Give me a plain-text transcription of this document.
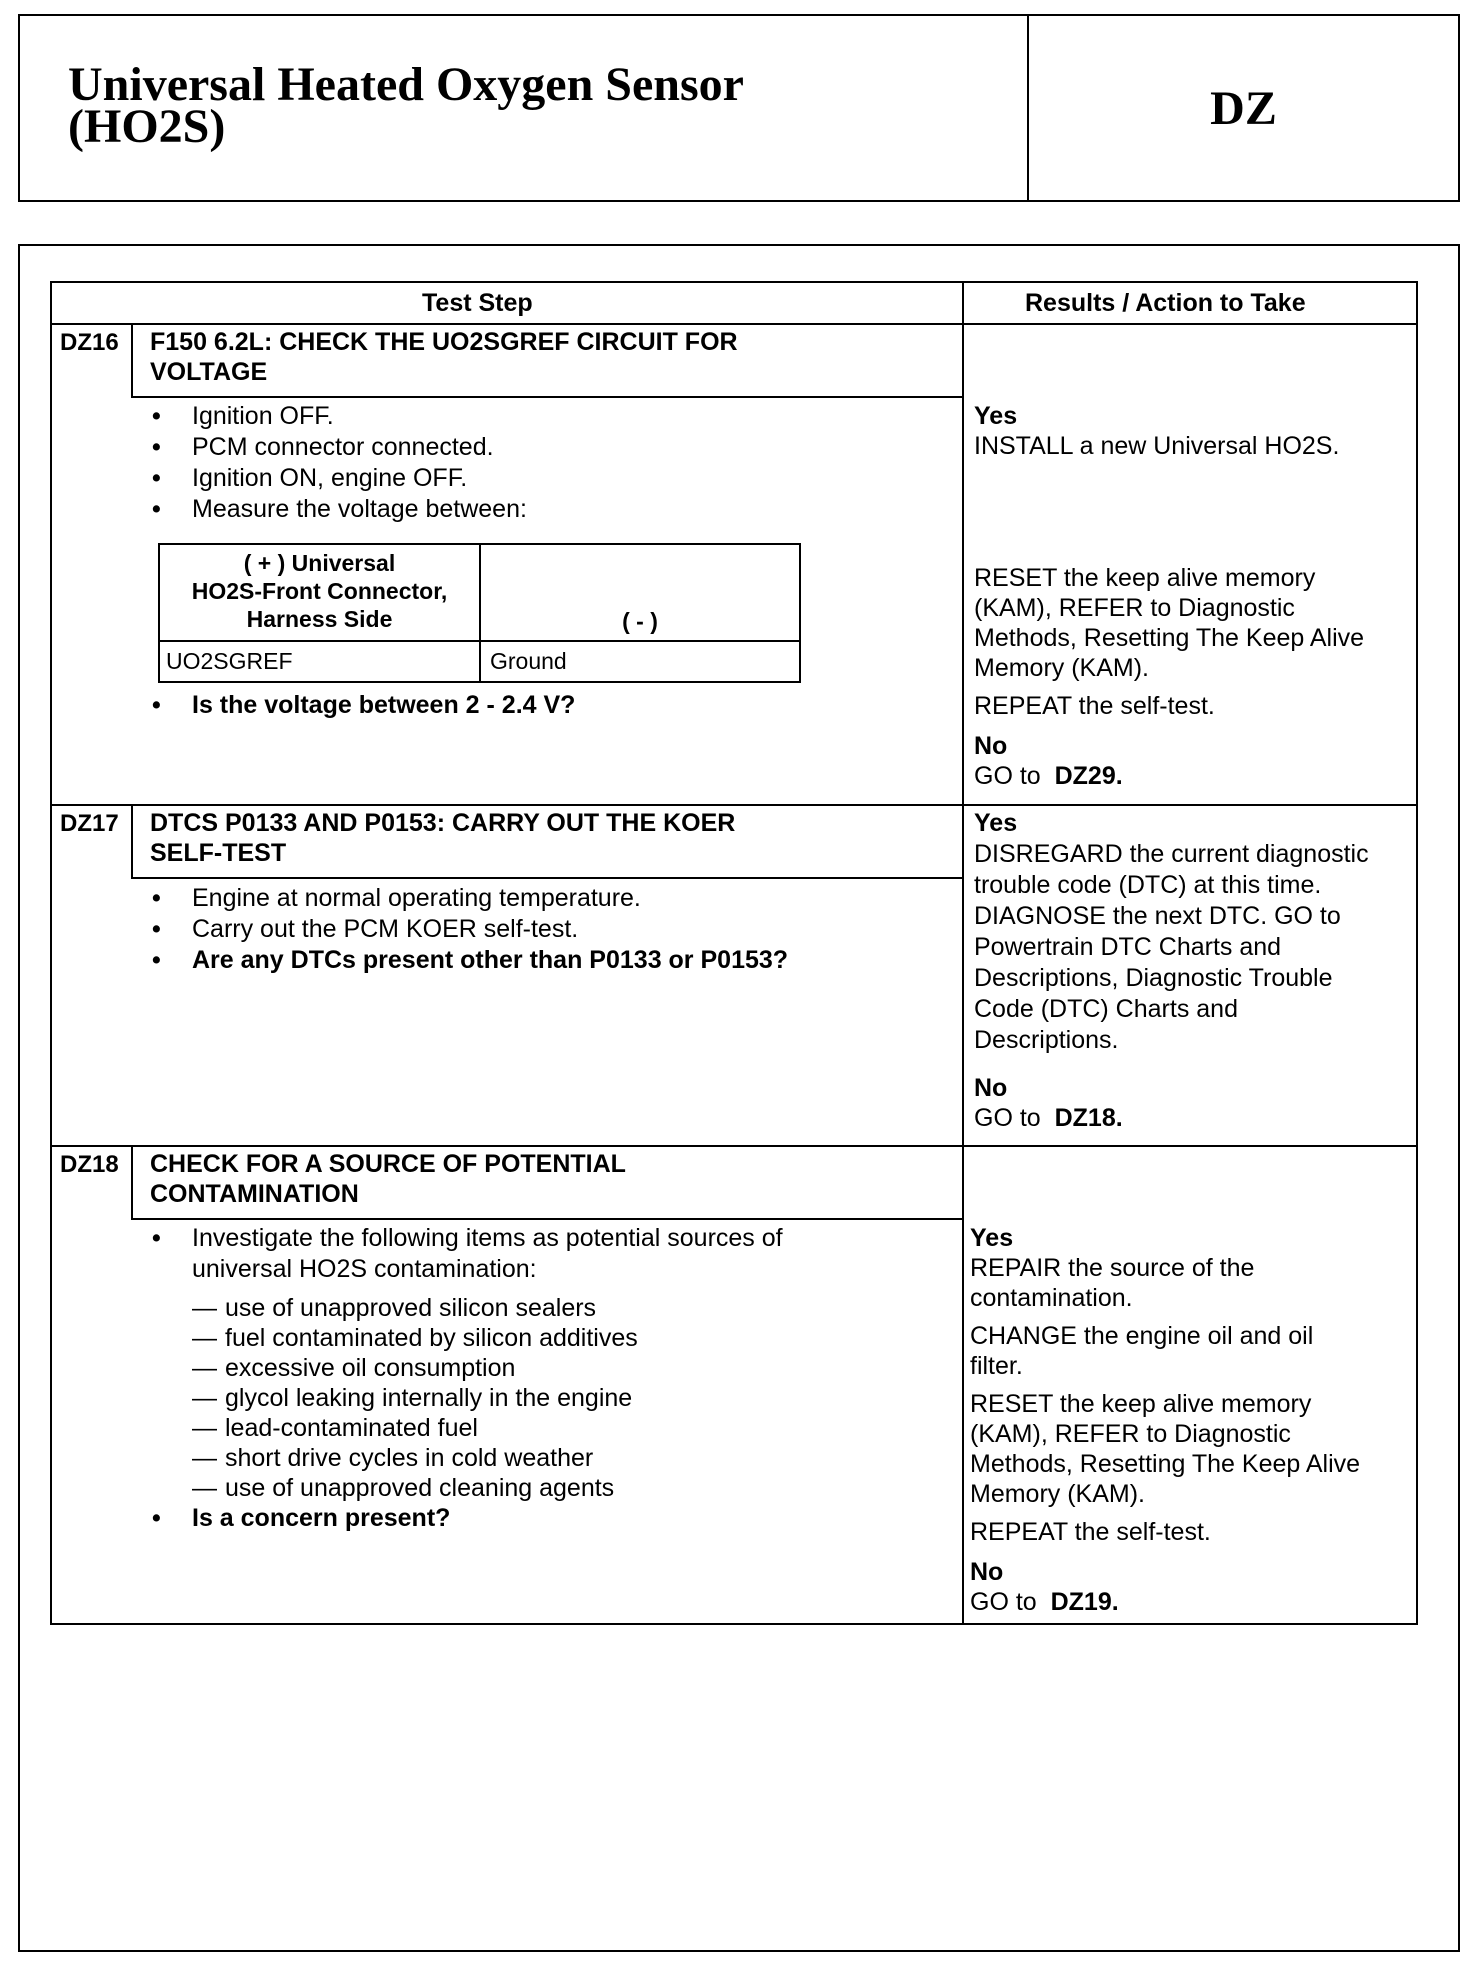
Universal Heated Oxygen Sensor
(HO2S)	DZ
Test Step	Results / Action to Take
DZ16 F150 6.2L: CHECK THE UO2SGREF CIRCUIT FOR
VOLTAGE
• Ignition OFF.
• PCM connector connected.
• Ignition ON, engine OFF.
• Measure the voltage between:
( + ) Universal
HO2S-Front Connector,
Harness Side	( - )
UO2SGREF	Ground
• Is the voltage between 2 - 2.4 V?
Yes
INSTALL a new Universal HO2S.
RESET the keep alive memory
(KAM), REFER to Diagnostic
Methods, Resetting The Keep Alive
Memory (KAM).
REPEAT the self-test.
No
GO to DZ29.
DZ17 DTCS P0133 AND P0153: CARRY OUT THE KOER
SELF-TEST
• Engine at normal operating temperature.
• Carry out the PCM KOER self-test.
• Are any DTCs present other than P0133 or P0153?
Yes
DISREGARD the current diagnostic
trouble code (DTC) at this time.
DIAGNOSE the next DTC. GO to
Powertrain DTC Charts and
Descriptions, Diagnostic Trouble
Code (DTC) Charts and
Descriptions.
No
GO to DZ18.
DZ18 CHECK FOR A SOURCE OF POTENTIAL
CONTAMINATION
• Investigate the following items as potential sources of
universal HO2S contamination:
— use of unapproved silicon sealers
— fuel contaminated by silicon additives
— excessive oil consumption
— glycol leaking internally in the engine
— lead-contaminated fuel
— short drive cycles in cold weather
— use of unapproved cleaning agents
• Is a concern present?
Yes
REPAIR the source of the
contamination.
CHANGE the engine oil and oil
filter.
RESET the keep alive memory
(KAM), REFER to Diagnostic
Methods, Resetting The Keep Alive
Memory (KAM).
REPEAT the self-test.
No
GO to DZ19.
